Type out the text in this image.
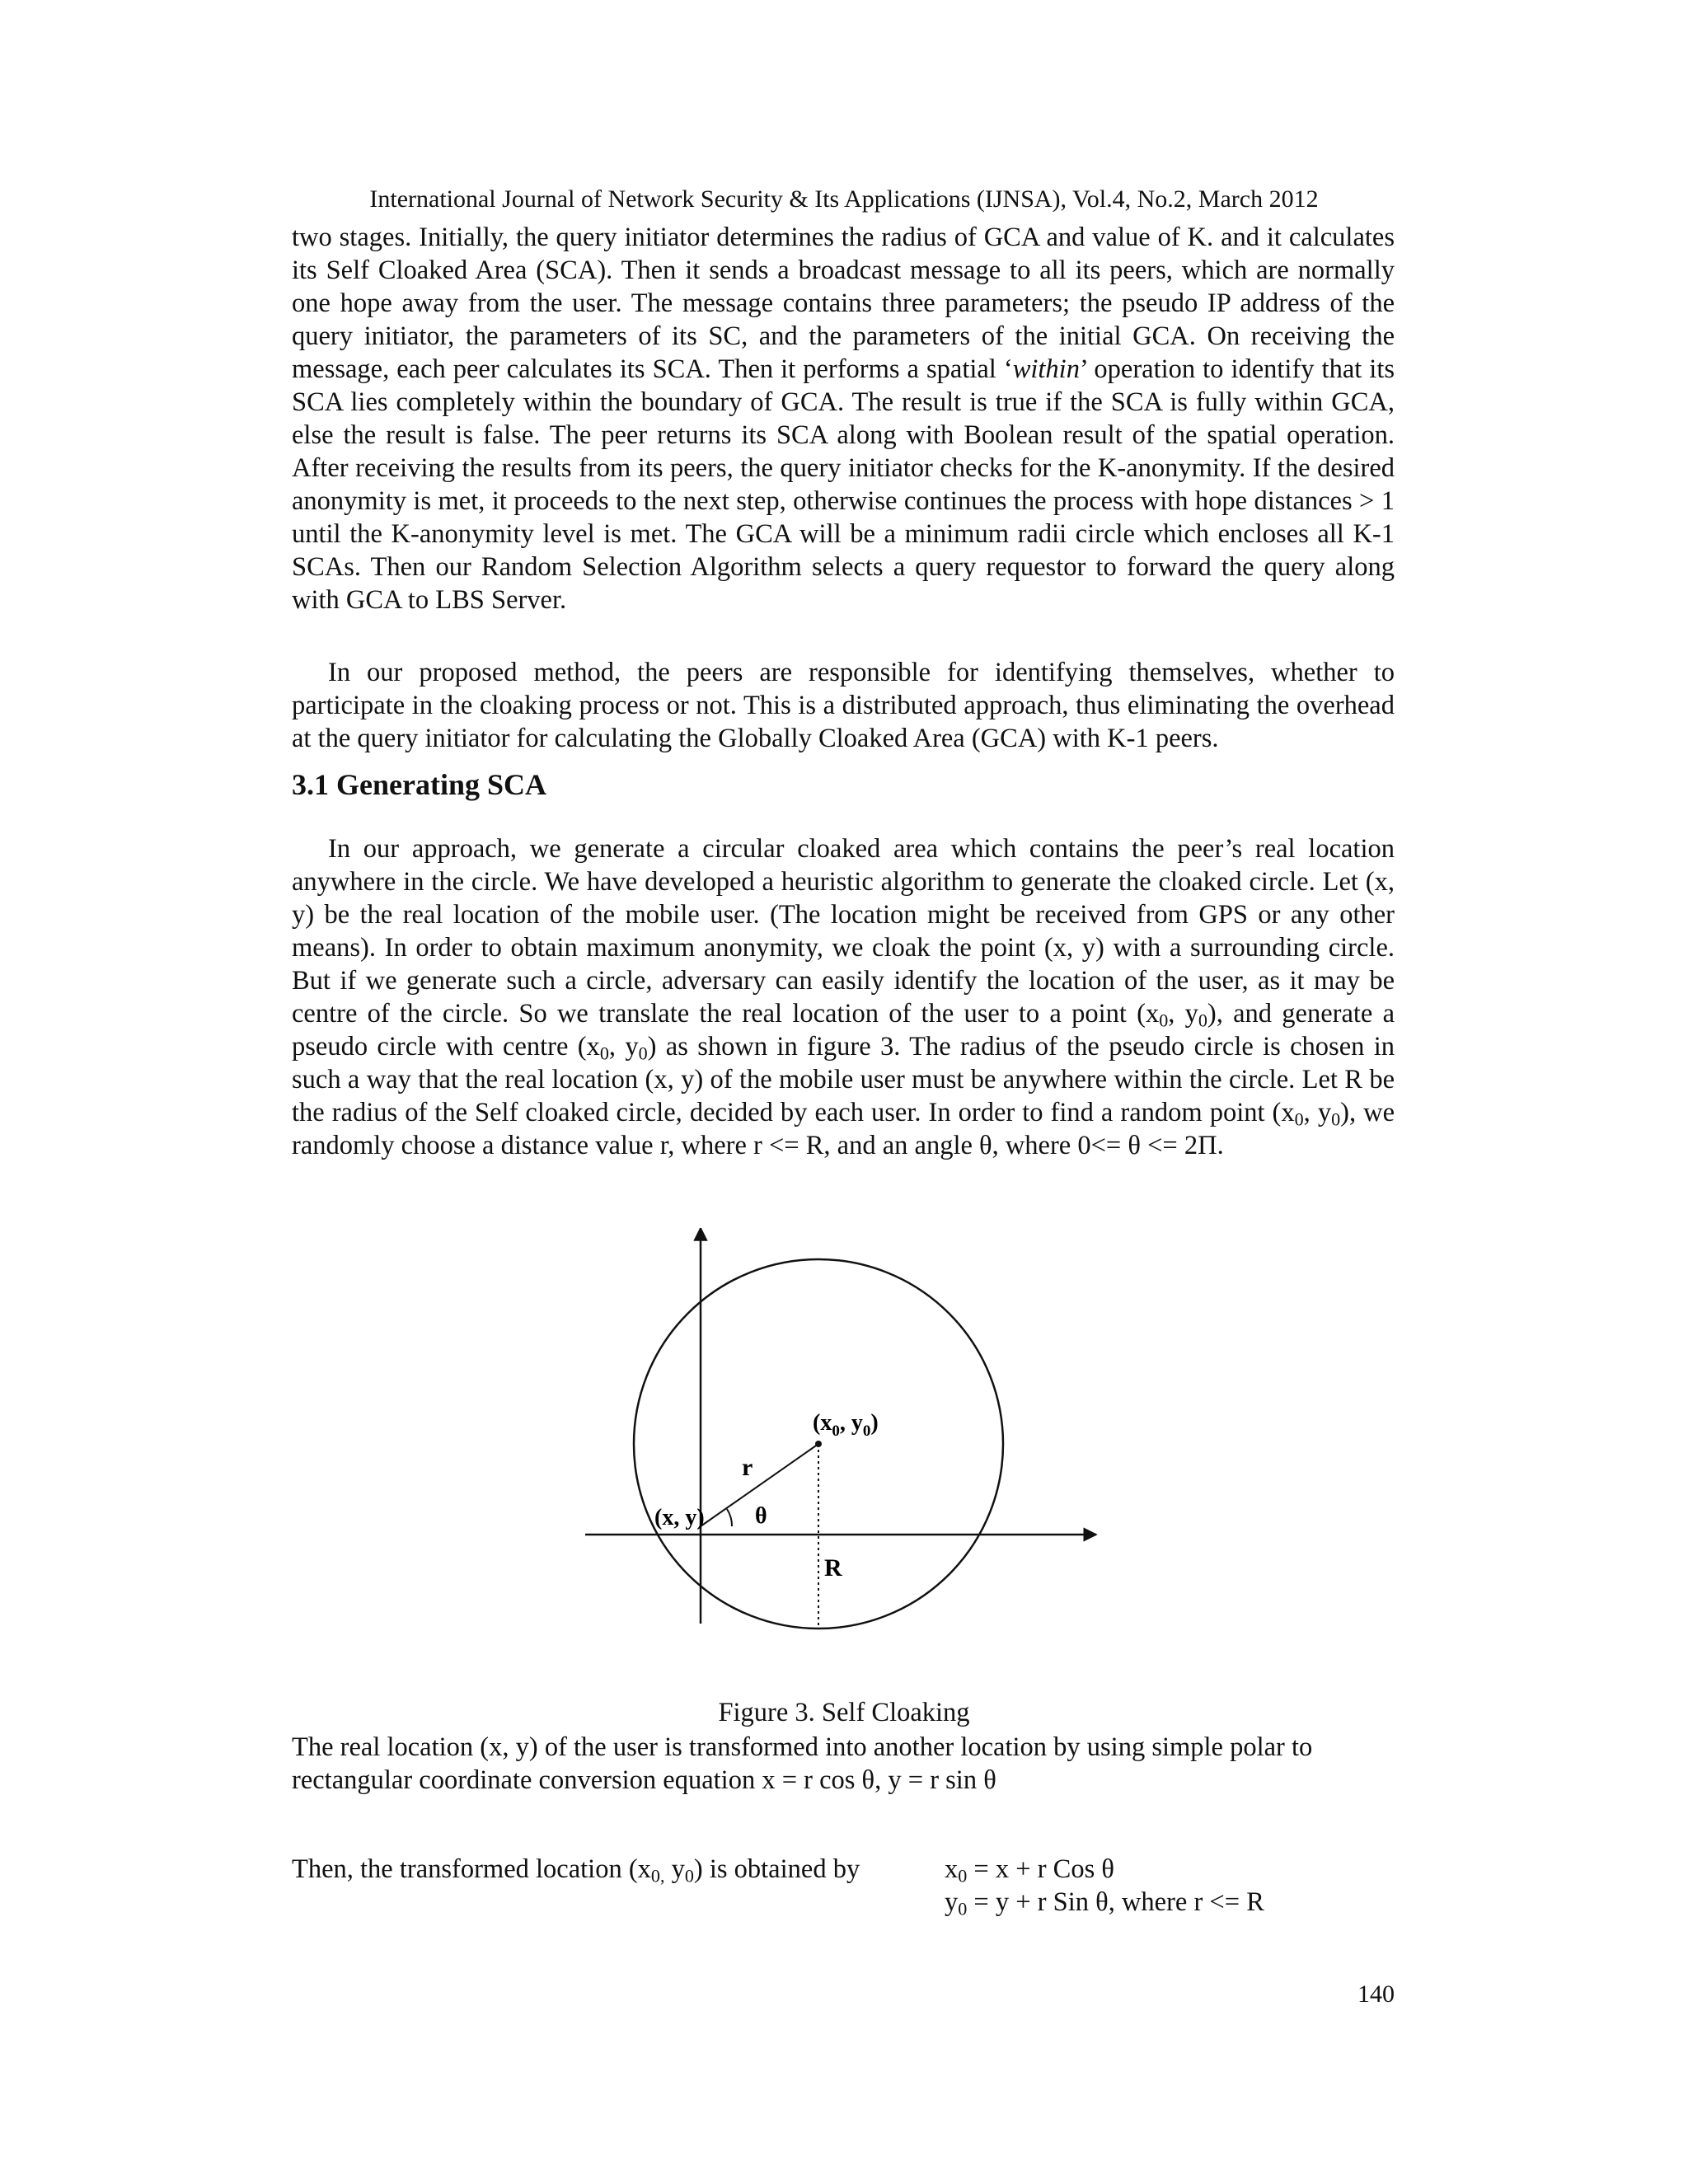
International Journal of Network Security & Its Applications (IJNSA), Vol.4, No.2, March 2012

two stages. Initially, the query initiator determines the radius of GCA and value of K. and it calculates its Self Cloaked Area (SCA). Then it sends a broadcast message to all its peers, which are normally one hope away from the user. The message contains three parameters; the pseudo IP address of the query initiator, the parameters of its SC, and the parameters of the initial GCA. On receiving the message, each peer calculates its SCA. Then it performs a spatial ‘within’ operation to identify that its SCA lies completely within the boundary of GCA. The result is true if the SCA is fully within GCA, else the result is false. The peer returns its SCA along with Boolean result of the spatial operation. After receiving the results from its peers, the query initiator checks for the K-anonymity. If the desired anonymity is met, it proceeds to the next step, otherwise continues the process with hope distances > 1 until the K-anonymity level is met. The GCA will be a minimum radii circle which encloses all K-1 SCAs. Then our Random Selection Algorithm selects a query requestor to forward the query along with GCA to LBS Server.

In our proposed method, the peers are responsible for identifying themselves, whether to participate in the cloaking process or not. This is a distributed approach, thus eliminating the overhead at the query initiator for calculating the Globally Cloaked Area (GCA) with K-1 peers.

3.1 Generating SCA

In our approach, we generate a circular cloaked area which contains the peer’s real location anywhere in the circle. We have developed a heuristic algorithm to generate the cloaked circle. Let (x, y) be the real location of the mobile user. (The location might be received from GPS or any other means). In order to obtain maximum anonymity, we cloak the point (x, y) with a surrounding circle. But if we generate such a circle, adversary can easily identify the location of the user, as it may be centre of the circle. So we translate the real location of the user to a point ($x_0$, $y_0$), and generate a pseudo circle with centre ($x_0$, $y_0$) as shown in figure 3. The radius of the pseudo circle is chosen in such a way that the real location (x, y) of the mobile user must be anywhere within the circle. Let R be the radius of the Self cloaked circle, decided by each user. In order to find a random point ($x_0$, $y_0$), we randomly choose a distance value r, where r <= R, and an angle θ, where 0<= θ <= 2Π.

($x_0$, $y_0$)
r
(x, y) θ
R
Figure 3. Self Cloaking

The real location (x, y) of the user is transformed into another location by using simple polar to rectangular coordinate conversion equation x = r cos θ, y = r sin θ

Then, the transformed location ($x_{0,}$ $y_0$) is obtained by	$x_0 = x + r$ Cos θ
$y_0 = y + r$ Sin θ, where r <= R
140
